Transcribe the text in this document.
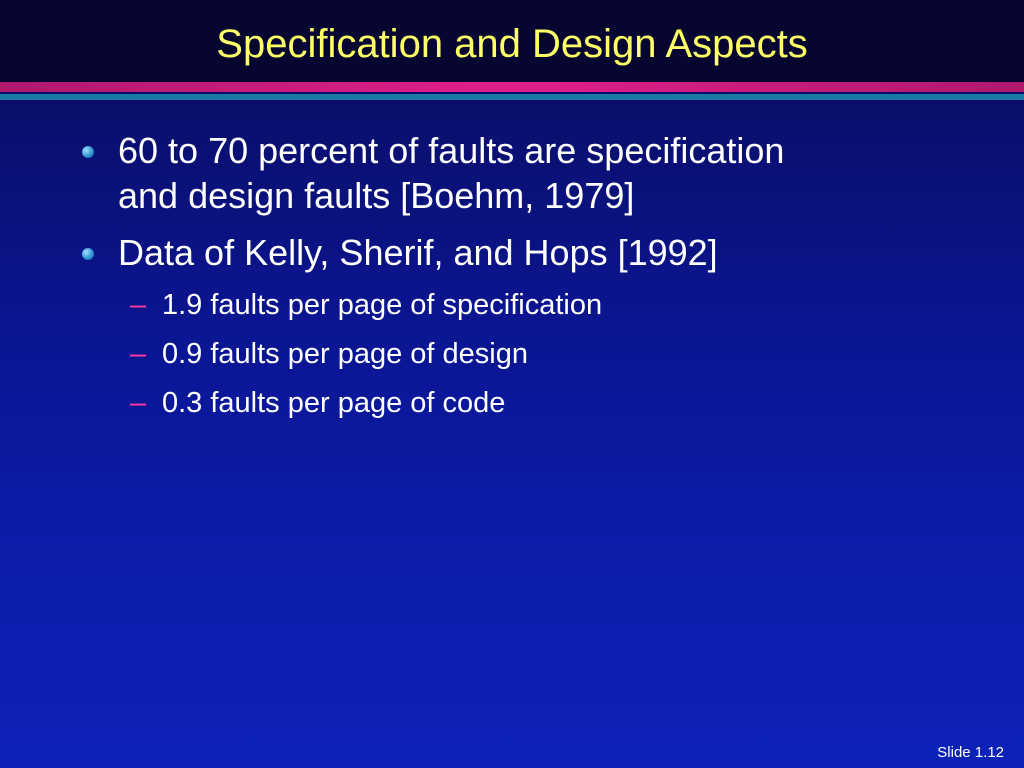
Specification and Design Aspects
60 to 70 percent of faults are specification
and design faults [Boehm, 1979]
Data of Kelly, Sherif, and Hops [1992]
– 1.9 faults per page of specification
– 0.9 faults per page of design
– 0.3 faults per page of code
Slide 1.12
